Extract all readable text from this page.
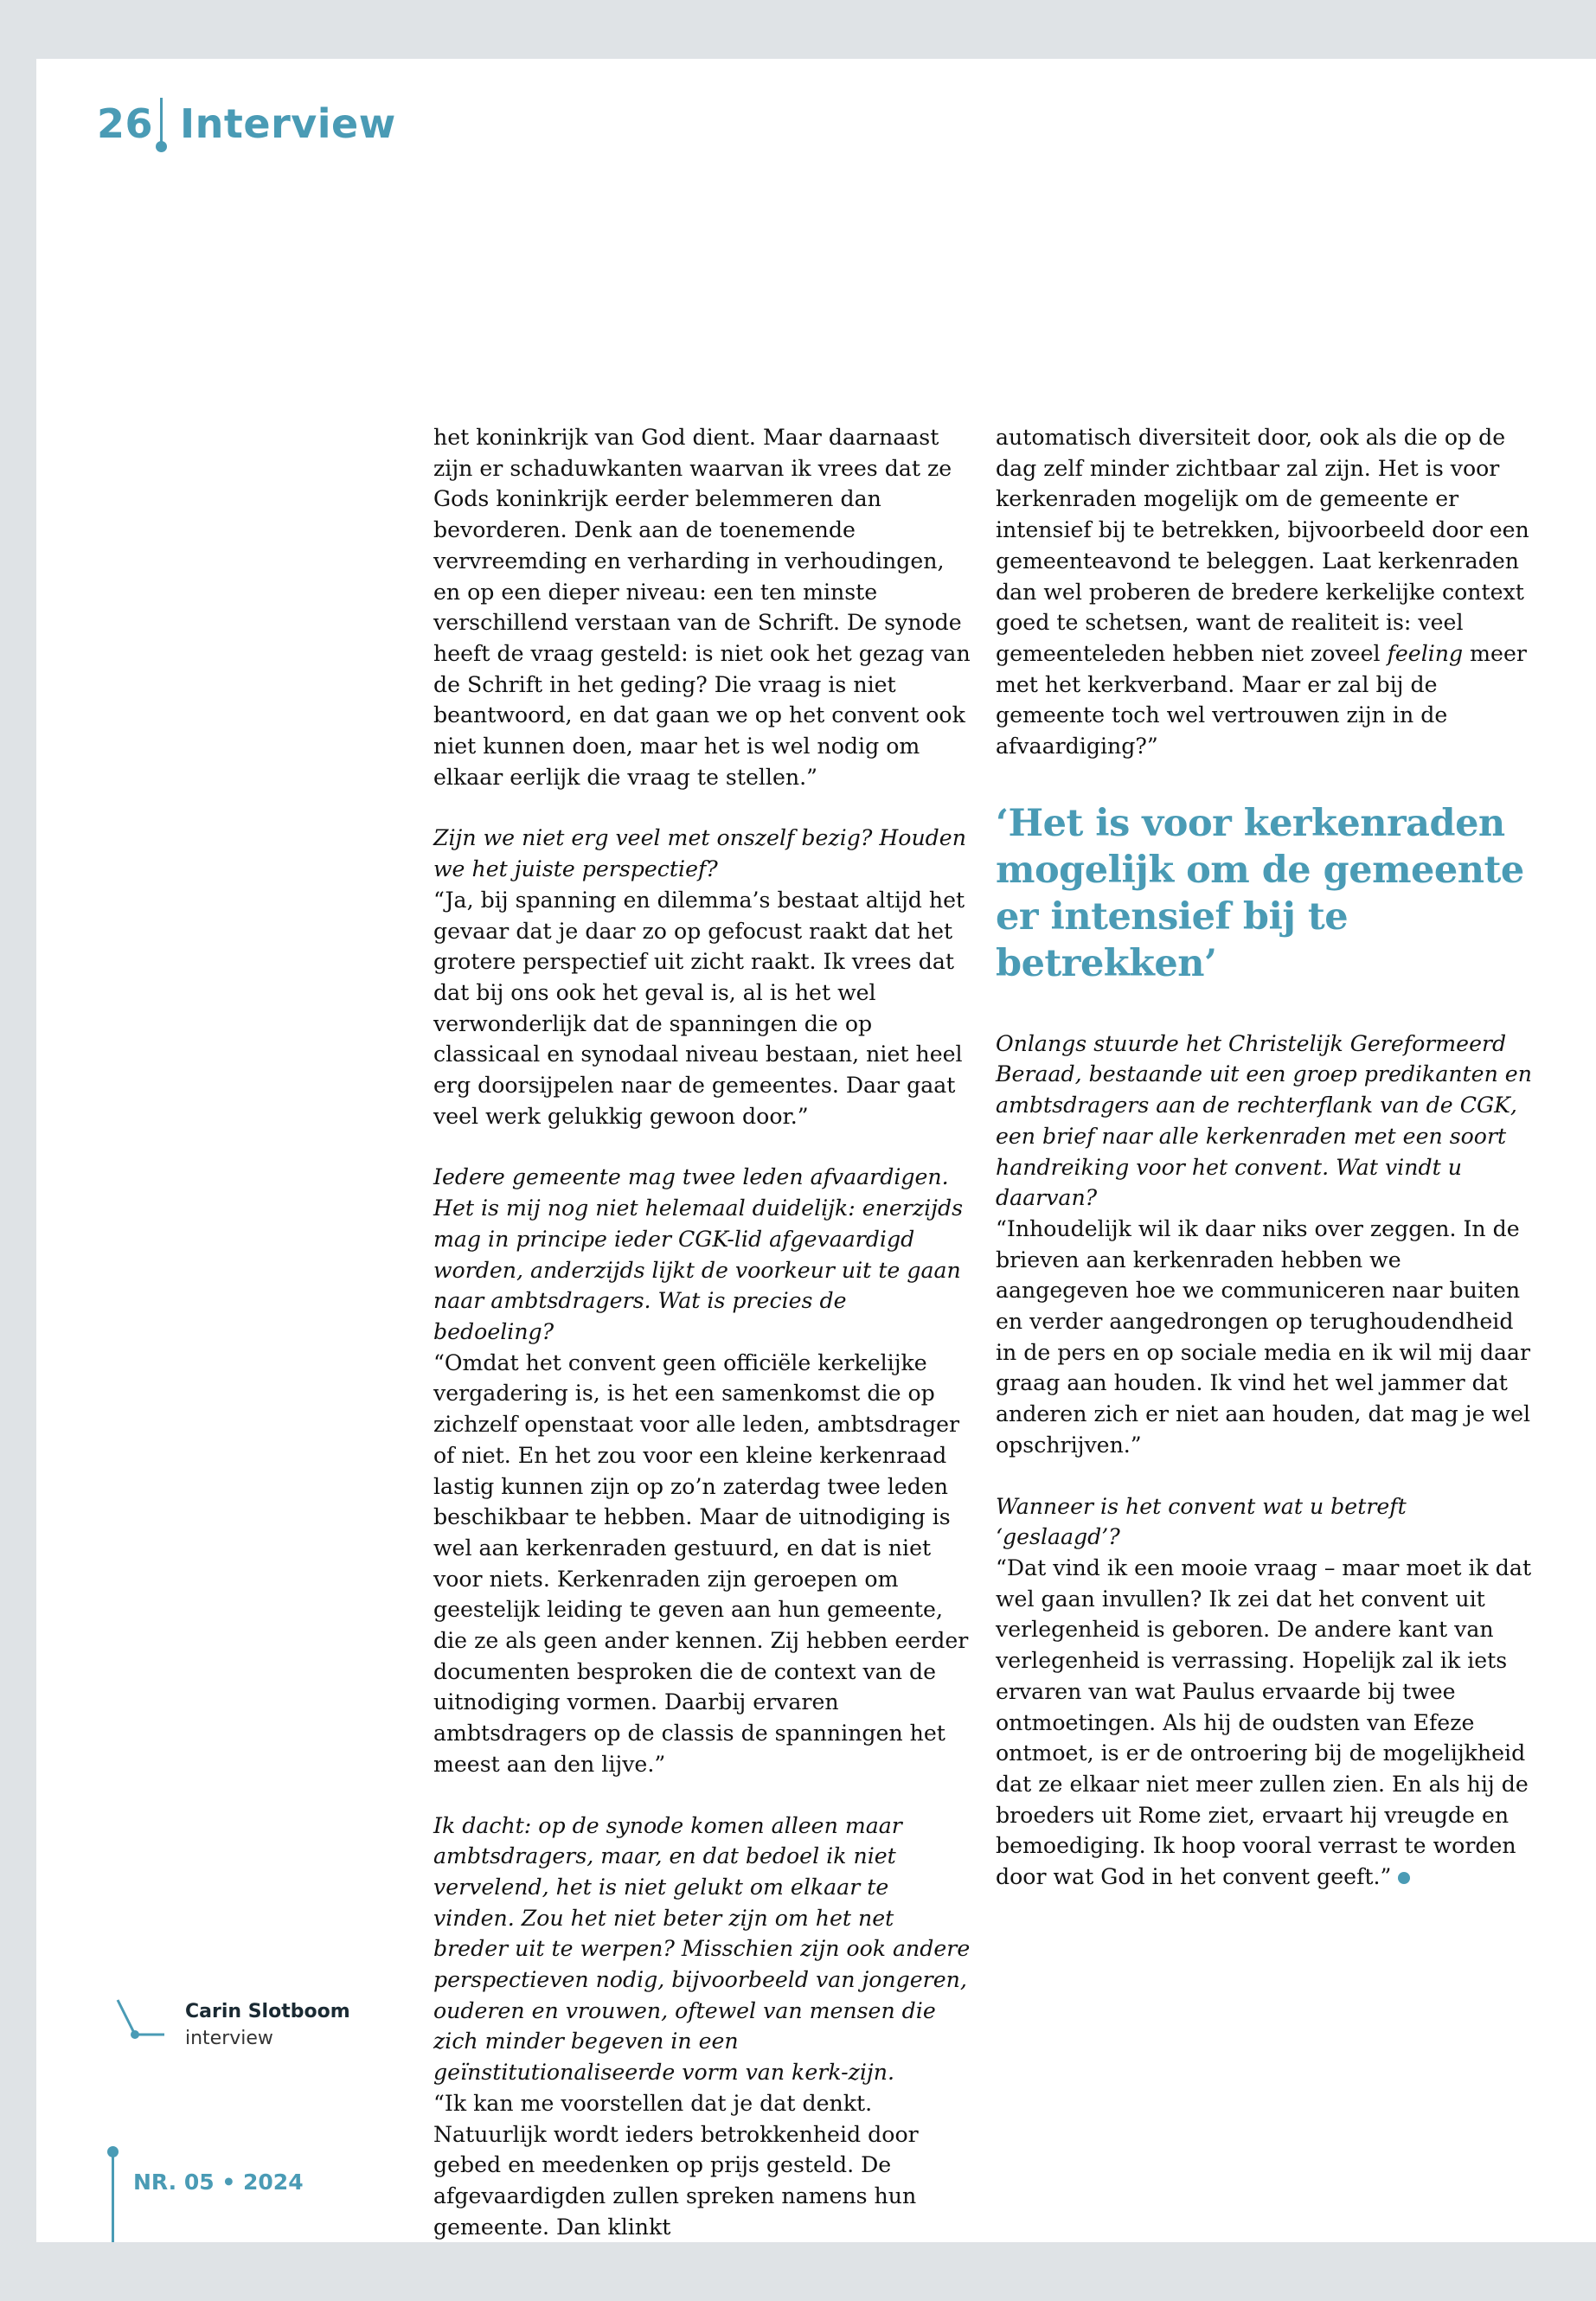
26 Interview

het koninkrijk van God dient. Maar daarnaast zijn er schaduwkanten waarvan ik vrees dat ze Gods koninkrijk eerder belemmeren dan bevorderen. Denk aan de toenemende vervreemding en verharding in verhoudingen, en op een dieper niveau: een ten minste verschillend verstaan van de Schrift. De synode heeft de vraag gesteld: is niet ook het gezag van de Schrift in het geding? Die vraag is niet beantwoord, en dat gaan we op het convent ook niet kunnen doen, maar het is wel nodig om elkaar eerlijk die vraag te stellen.”

Zijn we niet erg veel met onszelf bezig? Houden we het juiste perspectief?

“Ja, bij spanning en dilemma’s bestaat altijd het gevaar dat je daar zo op gefocust raakt dat het grotere perspectief uit zicht raakt. Ik vrees dat dat bij ons ook het geval is, al is het wel verwonderlijk dat de spanningen die op classicaal en synodaal niveau bestaan, niet heel erg doorsijpelen naar de gemeentes. Daar gaat veel werk gelukkig gewoon door.”

Iedere gemeente mag twee leden afvaardigen. Het is mij nog niet helemaal duidelijk: enerzijds mag in principe ieder CGK-lid afgevaardigd worden, anderzijds lijkt de voorkeur uit te gaan naar ambtsdragers. Wat is precies de bedoeling?

“Omdat het convent geen officiële kerkelijke vergadering is, is het een samenkomst die op zichzelf openstaat voor alle leden, ambtsdrager of niet. En het zou voor een kleine kerkenraad lastig kunnen zijn op zo’n zaterdag twee leden beschikbaar te hebben. Maar de uitnodiging is wel aan kerkenraden gestuurd, en dat is niet voor niets. Kerkenraden zijn geroepen om geestelijk leiding te geven aan hun gemeente, die ze als geen ander kennen. Zij hebben eerder documenten besproken die de context van de uitnodiging vormen. Daarbij ervaren ambtsdragers op de classis de spanningen het meest aan den lijve.”

Ik dacht: op de synode komen alleen maar ambtsdragers, maar, en dat bedoel ik niet vervelend, het is niet gelukt om elkaar te vinden. Zou het niet beter zijn om het net breder uit te werpen? Misschien zijn ook andere perspectieven nodig, bijvoorbeeld van jongeren, ouderen en vrouwen, oftewel van mensen die zich minder begeven in een geïnstitutionaliseerde vorm van kerk-zijn.

“Ik kan me voorstellen dat je dat denkt. Natuurlijk wordt ieders betrokkenheid door gebed en meedenken op prijs gesteld. De afgevaardigden zullen spreken namens hun gemeente. Dan klinkt

automatisch diversiteit door, ook als die op de dag zelf minder zichtbaar zal zijn. Het is voor kerkenraden mogelijk om de gemeente er intensief bij te betrekken, bijvoorbeeld door een gemeenteavond te beleggen. Laat kerkenraden dan wel proberen de bredere kerkelijke context goed te schetsen, want de realiteit is: veel gemeenteleden hebben niet zoveel feeling meer met het kerkverband. Maar er zal bij de gemeente toch wel vertrouwen zijn in de afvaardiging?”

‘Het is voor kerkenraden mogelijk om de gemeente er intensief bij te betrekken’

Onlangs stuurde het Christelijk Gereformeerd Beraad, bestaande uit een groep predikanten en ambtsdragers aan de rechterflank van de CGK, een brief naar alle kerkenraden met een soort handreiking voor het convent. Wat vindt u daarvan?

“Inhoudelijk wil ik daar niks over zeggen. In de brieven aan kerkenraden hebben we aangegeven hoe we communiceren naar buiten en verder aangedrongen op terughoudendheid in de pers en op sociale media en ik wil mij daar graag aan houden. Ik vind het wel jammer dat anderen zich er niet aan houden, dat mag je wel opschrijven.”

Wanneer is het convent wat u betreft ‘geslaagd’?

“Dat vind ik een mooie vraag – maar moet ik dat wel gaan invullen? Ik zei dat het convent uit verlegenheid is geboren. De andere kant van verlegenheid is verrassing. Hopelijk zal ik iets ervaren van wat Paulus ervaarde bij twee ontmoetingen. Als hij de oudsten van Efeze ontmoet, is er de ontroering bij de mogelijkheid dat ze elkaar niet meer zullen zien. En als hij de broeders uit Rome ziet, ervaart hij vreugde en bemoediging. Ik hoop vooral verrast te worden door wat God in het convent geeft.”

Carin Slotboom
interview
NR. 05 • 2024
